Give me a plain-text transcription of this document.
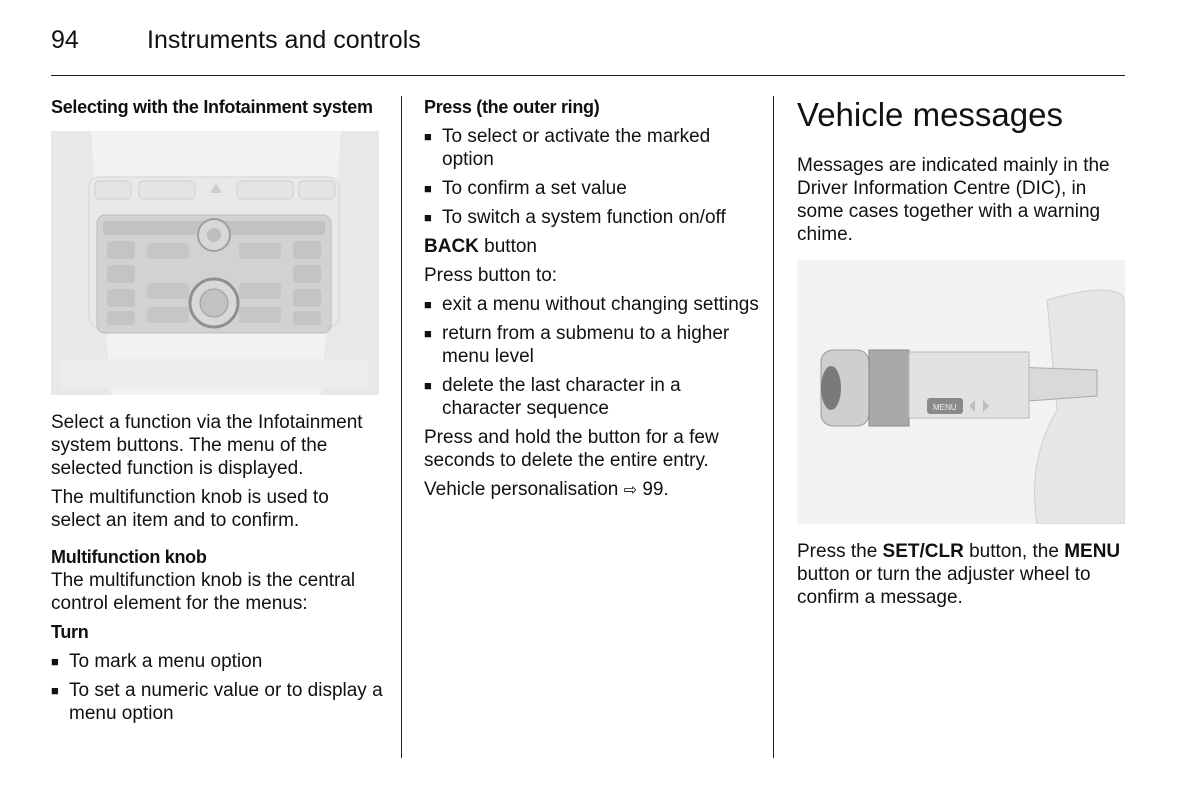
94	Instruments and controls
Selecting with the Infotainment system

Select a function via the Infotainment system buttons. The menu of the selected function is displayed.

The multifunction knob is used to select an item and to confirm.

Multifunction knob

The multifunction knob is the central control element for the menus:

Turn
■ To mark a menu option
■ To set a numeric value or to display a menu option
Press (the outer ring)
■ To select or activate the marked option
■ To confirm a set value
■ To switch a system function on/off

BACK button

Press button to:

■ exit a menu without changing settings
■ return from a submenu to a higher menu level
■ delete the last character in a character sequence

Press and hold the button for a few seconds to delete the entire entry.

Vehicle personalisation ⇨ 99.

Vehicle messages

Messages are indicated mainly in the Driver Information Centre (DIC), in some cases together with a warning chime.

MENU

Press the SET/CLR button, the MENU button or turn the adjuster wheel to confirm a message.
